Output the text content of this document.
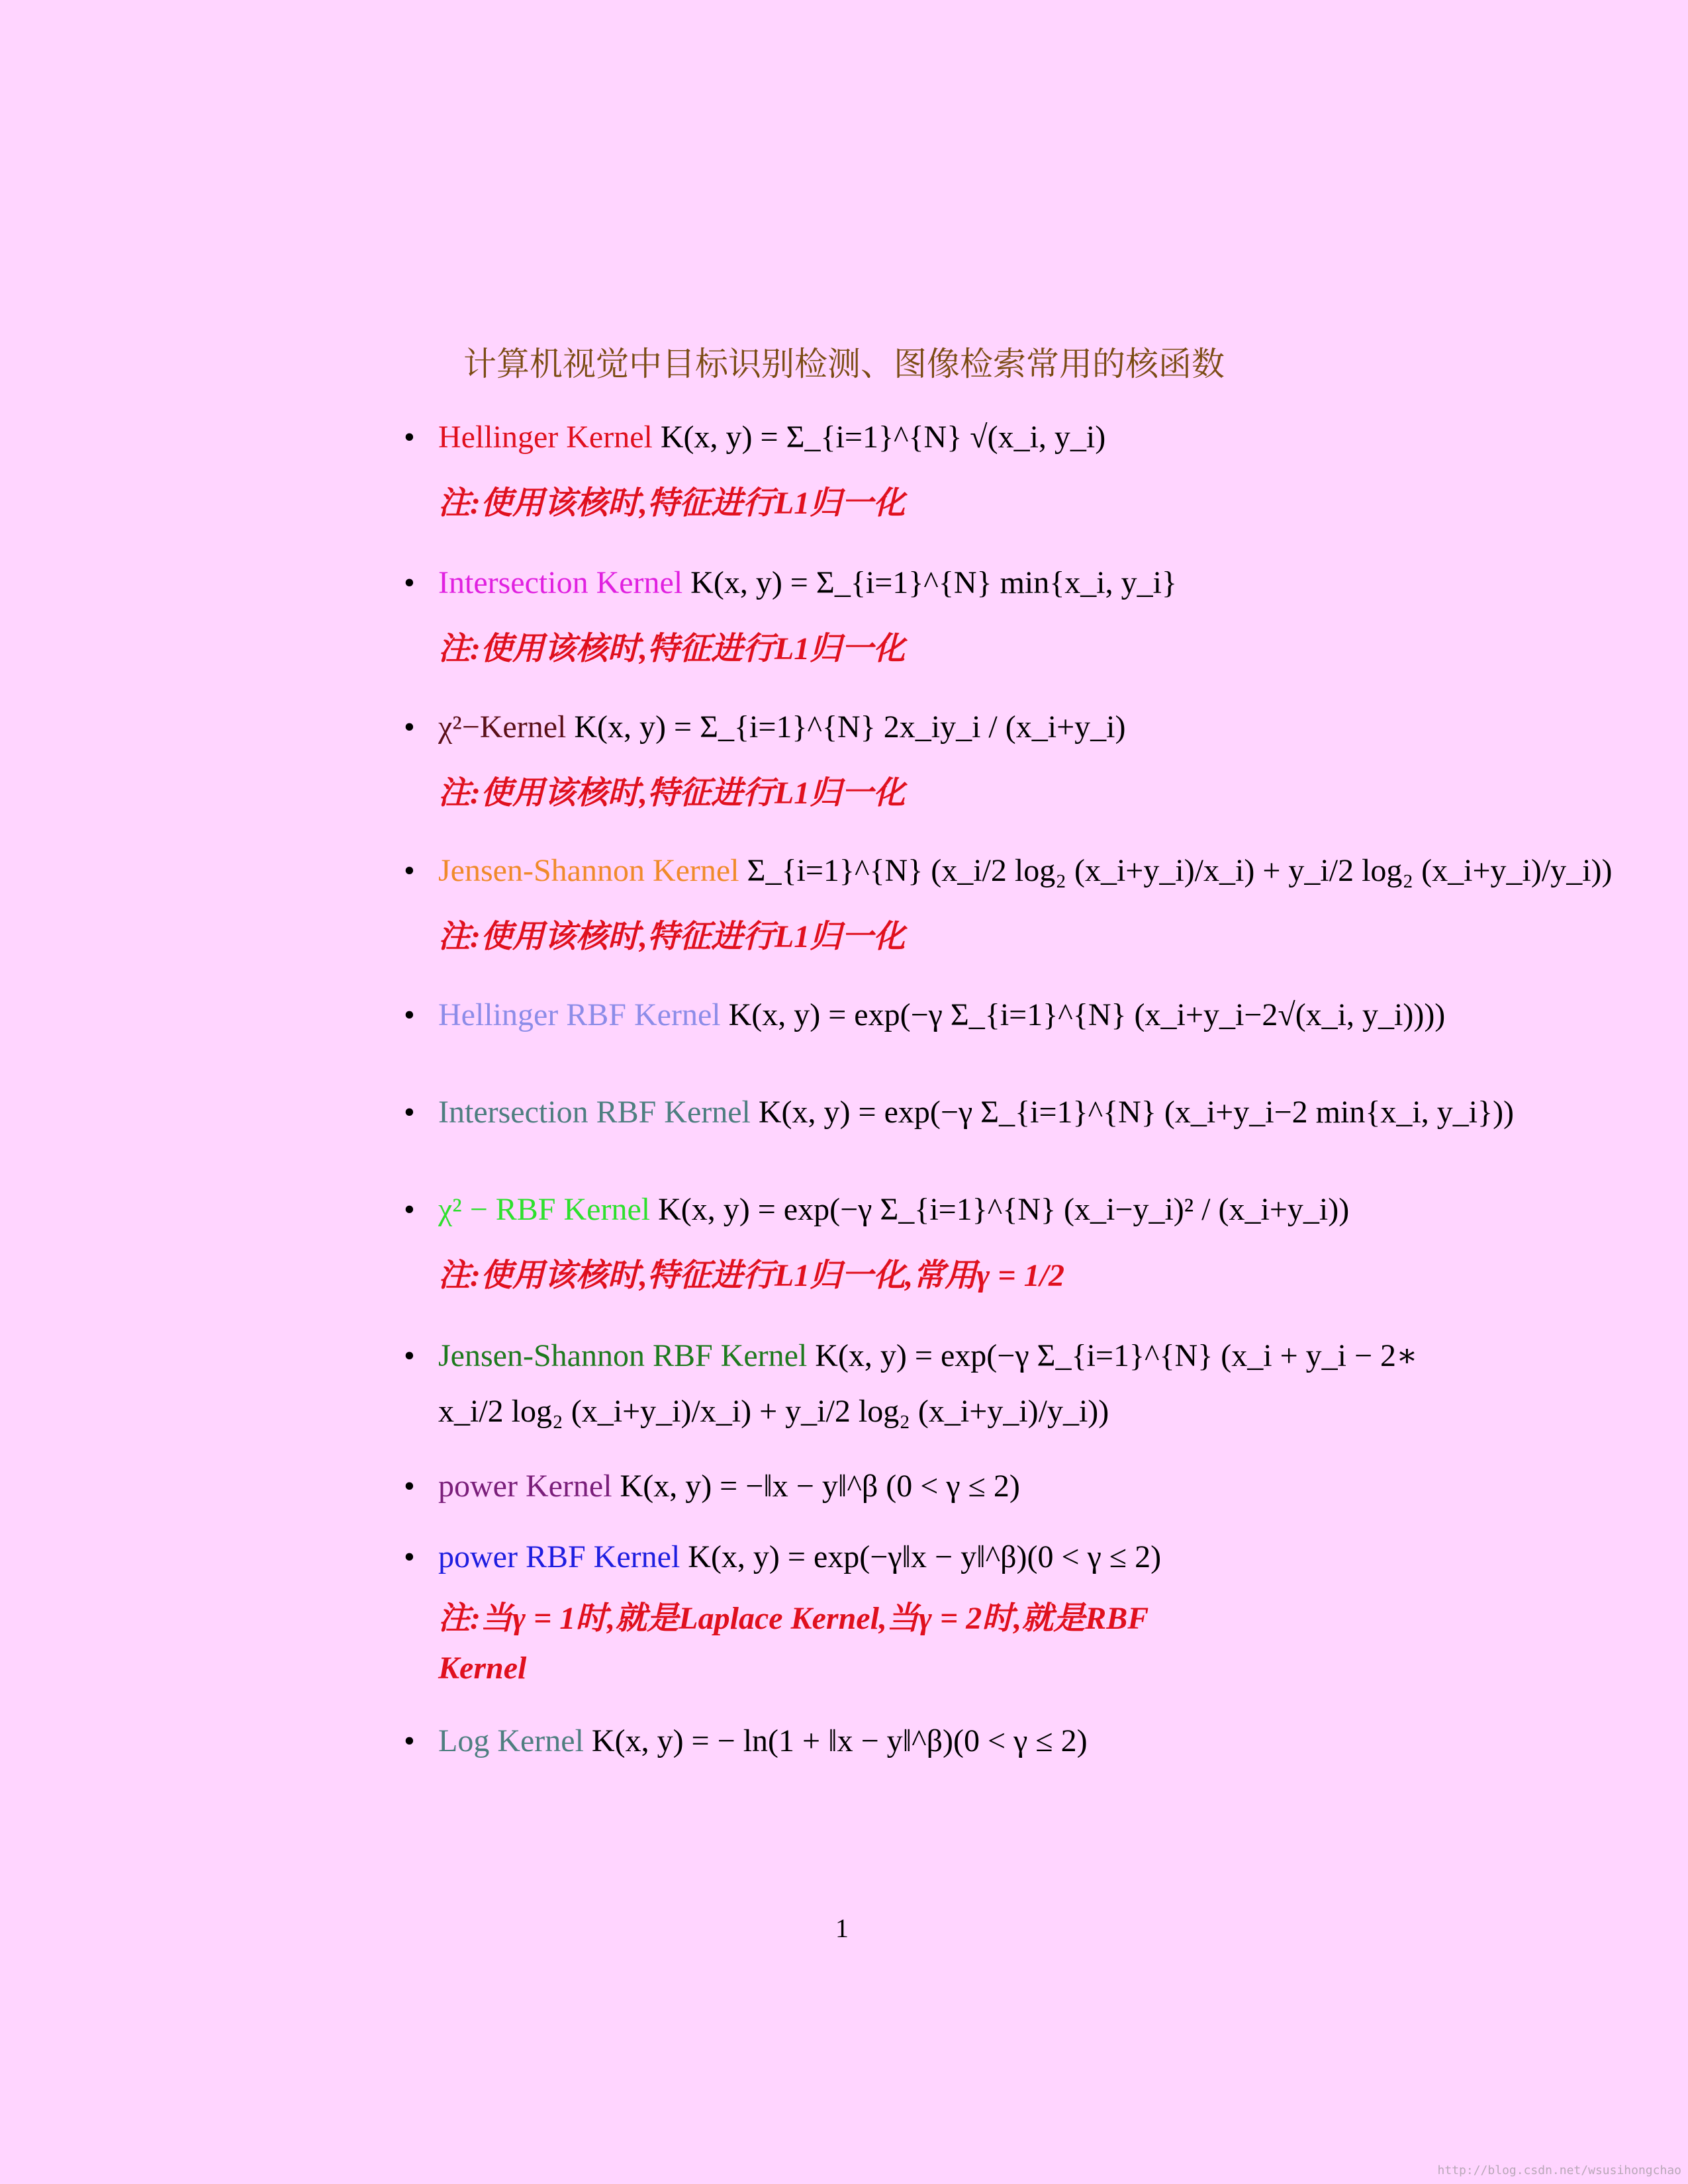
计算机视觉中目标识别检测、图像检索常用的核函数
• Hellinger Kernel K(x, y) = Σ_{i=1}^{N} √(x_i, y_i)
注:使用该核时,特征进行L1归一化
• Intersection Kernel K(x, y) = Σ_{i=1}^{N} min{x_i, y_i}
注:使用该核时,特征进行L1归一化
• χ²−Kernel K(x, y) = Σ_{i=1}^{N} 2x_iy_i / (x_i+y_i)
注:使用该核时,特征进行L1归一化
• Jensen-Shannon Kernel Σ_{i=1}^{N} (x_i/2 log₂ (x_i+y_i)/x_i) + y_i/2 log₂ (x_i+y_i)/y_i))
注:使用该核时,特征进行L1归一化
• Hellinger RBF Kernel K(x, y) = exp(−γ Σ_{i=1}^{N} (x_i+y_i−2√(x_i, y_i))))
• Intersection RBF Kernel K(x, y) = exp(−γ Σ_{i=1}^{N} (x_i+y_i−2 min{x_i, y_i}))
• χ² − RBF Kernel K(x, y) = exp(−γ Σ_{i=1}^{N} (x_i−y_i)² / (x_i+y_i))
注:使用该核时,特征进行L1归一化,常用γ = 1/2
• Jensen-Shannon RBF Kernel K(x, y) = exp(−γ Σ_{i=1}^{N} (x_i + y_i − 2∗
x_i/2 log₂ (x_i+y_i)/x_i) + y_i/2 log₂ (x_i+y_i)/y_i))
• power Kernel K(x, y) = −‖x − y‖^β (0 < γ ≤ 2)
• power RBF Kernel K(x, y) = exp(−γ‖x − y‖^β)(0 < γ ≤ 2)
注:当γ = 1时,就是Laplace Kernel,当γ = 2时,就是RBF
Kernel
• Log Kernel K(x, y) = − ln(1 + ‖x − y‖^β)(0 < γ ≤ 2)
1
http://blog.csdn.net/wsusihongchao
